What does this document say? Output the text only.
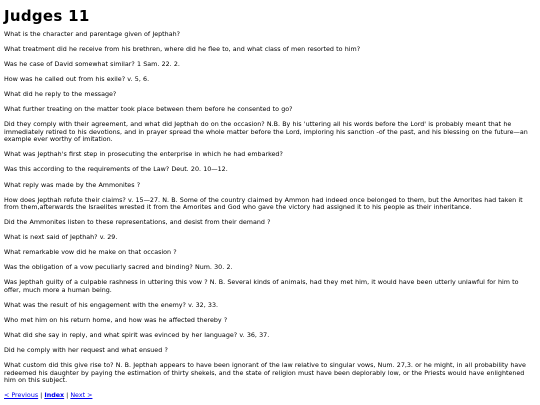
Judges 11

What is the character and parentage given of Jepthah?

What treatment did he receive from his brethren, where did he flee to, and what class of men resorted to him?

Was he case of David somewhat similar? 1 Sam. 22. 2.

How was he called out from his exile? v. 5, 6.

What did he reply to the message?

What further treating on the matter took place between them before he consented to go?

Did they comply with their agreement, and what did Jepthah do on the occasion? N.B. By his 'uttering all his words before the Lord' is probably meant that he immediately retired to his devotions, and in prayer spread the whole matter before the Lord, imploring his sanction -of the past, and his blessing on the future—an example ever worthy of imitation.

What was Jepthah's first step in prosecuting the enterprise in which he had embarked?

Was this according to the requirements of the Law? Deut. 20. 10—12.

What reply was made by the Ammonites ?

How does Jepthah refute their claims? v. 15—27. N. B. Some of the country claimed by Ammon had indeed once belonged to them, but the Amorites had taken it from them,afterwards the Israelites wrested it from the Amorites and God who gave the victory had assigned it to his people as their inheritance.

Did the Ammonites listen to these representations, and desist from their demand ?

What is next said of Jepthah? v. 29.

What remarkable vow did he make on that occasion ?

Was the obligation of a vow peculiarly sacred and binding? Num. 30. 2.

Was Jepthah guilty of a culpable rashness in uttering this vow ? N. B. Several kinds of animals, had they met him, it would have been utterly unlawful for him to offer, much more a human being.

What was the result of his engagement with the enemy? v. 32, 33.

Who met him on his return home, and how was he affected thereby ?

What did she say in reply, and what spirit was evinced by her language? v. 36, 37.

Did he comply with her request and what ensued ?

What custom did this give rise to? N. B. Jepthah appears to have been ignorant of the law relative to singular vows, Num. 27,3. or he might, in all probability have redeemed his daughter by paying the estimation of thirty shekels, and the state of religion must have been deplorably low, or the Priests would have enlightened him on this subject.

< Previous | Index | Next >
